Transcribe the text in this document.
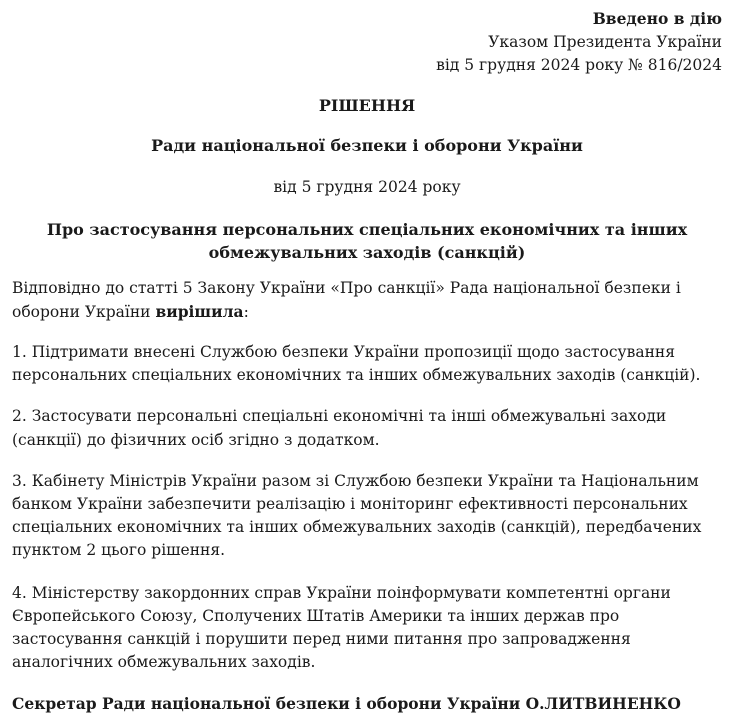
Введено в дію
Указом Президента України
від 5 грудня 2024 року № 816/2024
РІШЕННЯ
Ради національної безпеки і оборони України
від 5 грудня 2024 року
Про застосування персональних спеціальних економічних та інших обмежувальних заходів (санкцій)

Відповідно до статті 5 Закону України «Про санкції» Рада національної безпеки і оборони України вирішила:

1. Підтримати внесені Службою безпеки України пропозиції щодо застосування персональних спеціальних економічних та інших обмежувальних заходів (санкцій).

2. Застосувати персональні спеціальні економічні та інші обмежувальні заходи (санкції) до фізичних осіб згідно з додатком.

3. Кабінету Міністрів України разом зі Службою безпеки України та Національним банком України забезпечити реалізацію і моніторинг ефективності персональних спеціальних економічних та інших обмежувальних заходів (санкцій), передбачених пунктом 2 цього рішення.

4. Міністерству закордонних справ України поінформувати компетентні органи Європейського Союзу, Сполучених Штатів Америки та інших держав про застосування санкцій і порушити перед ними питання про запровадження аналогічних обмежувальних заходів.

Секретар Ради національної безпеки і оборони України О.ЛИТВИНЕНКО
